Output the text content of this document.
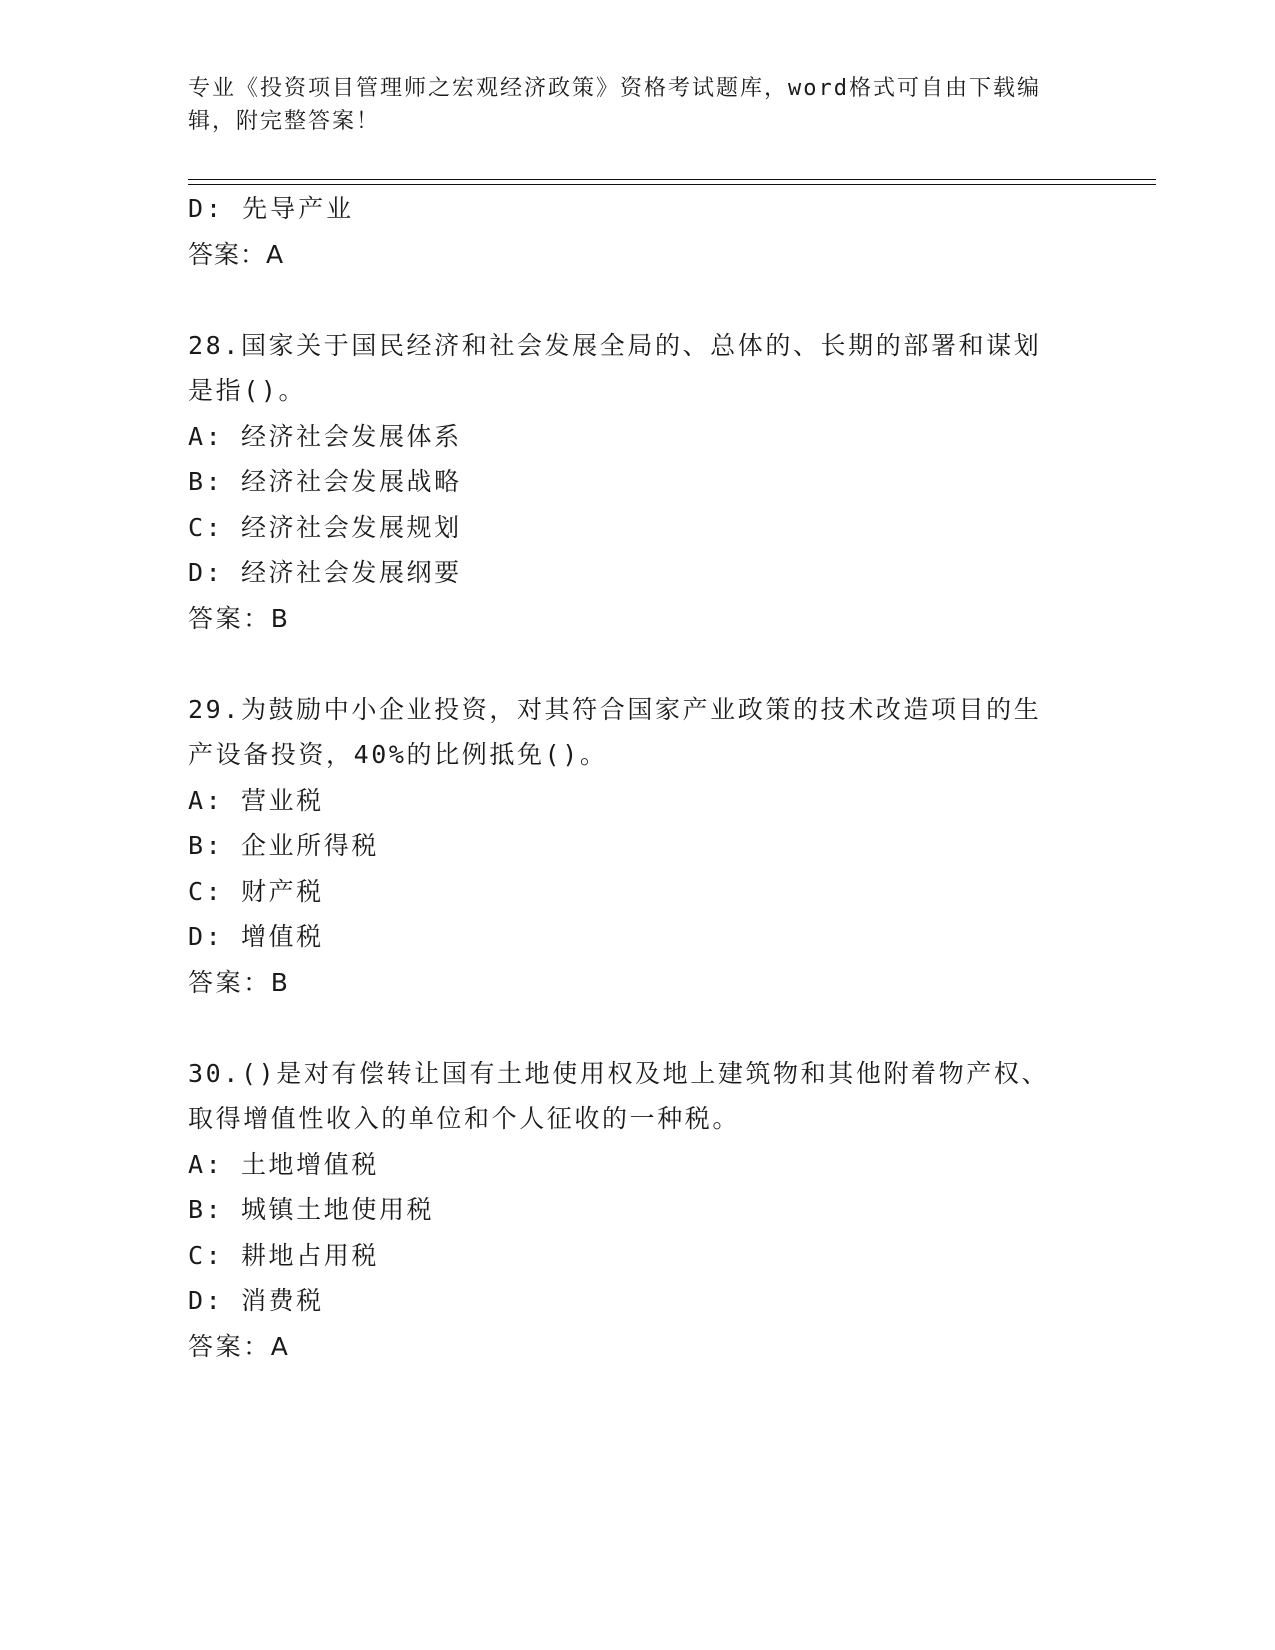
专业《投资项目管理师之宏观经济政策》资格考试题库，word格式可自由下载编
辑，附完整答案！
D: 先导产业
答案：A
28.国家关于国民经济和社会发展全局的、总体的、长期的部署和谋划
是指()。
A: 经济社会发展体系
B: 经济社会发展战略
C: 经济社会发展规划
D: 经济社会发展纲要
答案：B
29.为鼓励中小企业投资，对其符合国家产业政策的技术改造项目的生
产设备投资，40%的比例抵免()。
A: 营业税
B: 企业所得税
C: 财产税
D: 增值税
答案：B
30.()是对有偿转让国有土地使用权及地上建筑物和其他附着物产权、
取得增值性收入的单位和个人征收的一种税。
A: 土地增值税
B: 城镇土地使用税
C: 耕地占用税
D: 消费税
答案：A
